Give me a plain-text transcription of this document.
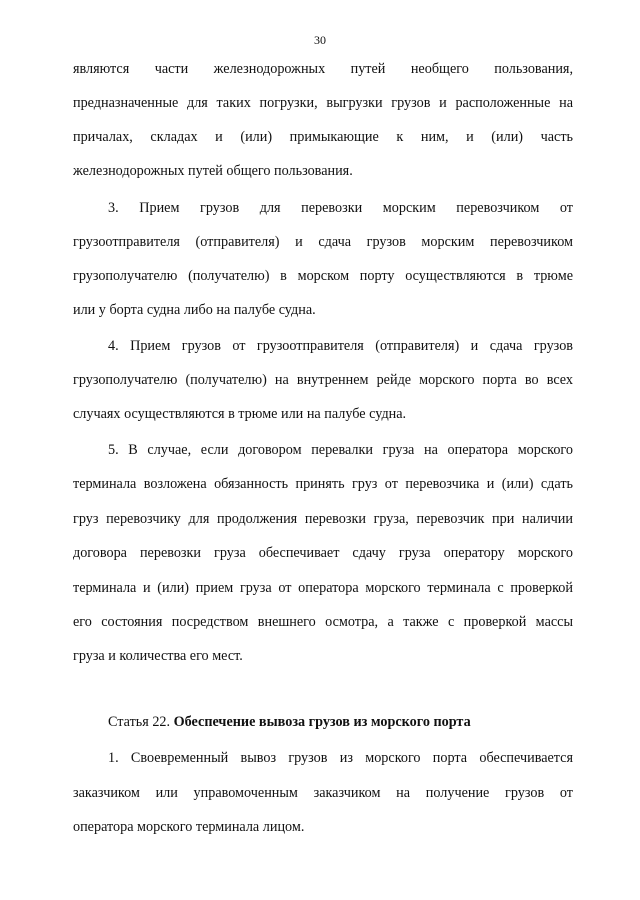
30
являются части железнодорожных путей необщего пользования,
предназначенные для таких погрузки, выгрузки грузов и расположенные на
причалах, складах и (или) примыкающие к ним, и (или) часть
железнодорожных путей общего пользования.
3. Прием грузов для перевозки морским перевозчиком от
грузоотправителя (отправителя) и сдача грузов морским перевозчиком
грузополучателю (получателю) в морском порту осуществляются в трюме
или у борта судна либо на палубе судна.
4. Прием грузов от грузоотправителя (отправителя) и сдача грузов
грузополучателю (получателю) на внутреннем рейде морского порта во всех
случаях осуществляются в трюме или на палубе судна.
5. В случае, если договором перевалки груза на оператора морского
терминала возложена обязанность принять груз от перевозчика и (или) сдать
груз перевозчику для продолжения перевозки груза, перевозчик при наличии
договора перевозки груза обеспечивает сдачу груза оператору морского
терминала и (или) прием груза от оператора морского терминала с проверкой
его состояния посредством внешнего осмотра, а также с проверкой массы
груза и количества его мест.
Статья 22. Обеспечение вывоза грузов из морского порта
1. Своевременный вывоз грузов из морского порта обеспечивается
заказчиком или управомоченным заказчиком на получение грузов от
оператора морского терминала лицом.
